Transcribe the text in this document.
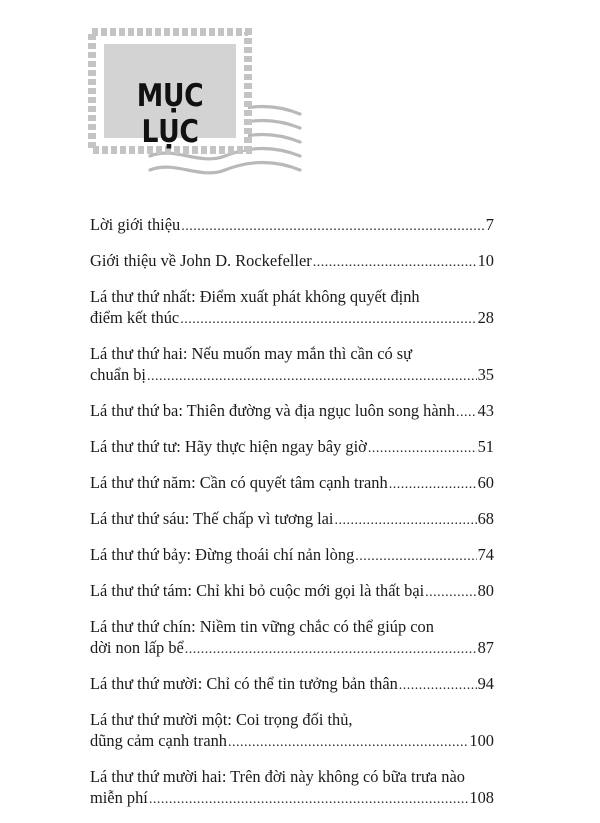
MỤC LỤC
Lời giới thiệu .....	7
Giới thiệu về John D. Rockefeller .....	10
Lá thư thứ nhất: Điểm xuất phát không quyết định
điểm kết thúc .....	28
Lá thư thứ hai: Nếu muốn may mắn thì cần có sự
chuẩn bị .....	35
Lá thư thứ ba: Thiên đường và địa ngục luôn song hành ..... 43
Lá thư thứ tư: Hãy thực hiện ngay bây giờ .....	51
Lá thư thứ năm: Cần có quyết tâm cạnh tranh .....	60
Lá thư thứ sáu: Thế chấp vì tương lai .....	68
Lá thư thứ bảy: Đừng thoái chí nản lòng .....	74
Lá thư thứ tám: Chỉ khi bỏ cuộc mới gọi là thất bại .....	80
Lá thư thứ chín: Niềm tin vững chắc có thể giúp con
dời non lấp bể .....	87
Lá thư thứ mười: Chỉ có thể tin tưởng bản thân .....	94
Lá thư thứ mười một: Coi trọng đối thủ,
dũng cảm cạnh tranh .....	100
Lá thư thứ mười hai: Trên đời này không có bữa trưa nào
miễn phí .....	108
